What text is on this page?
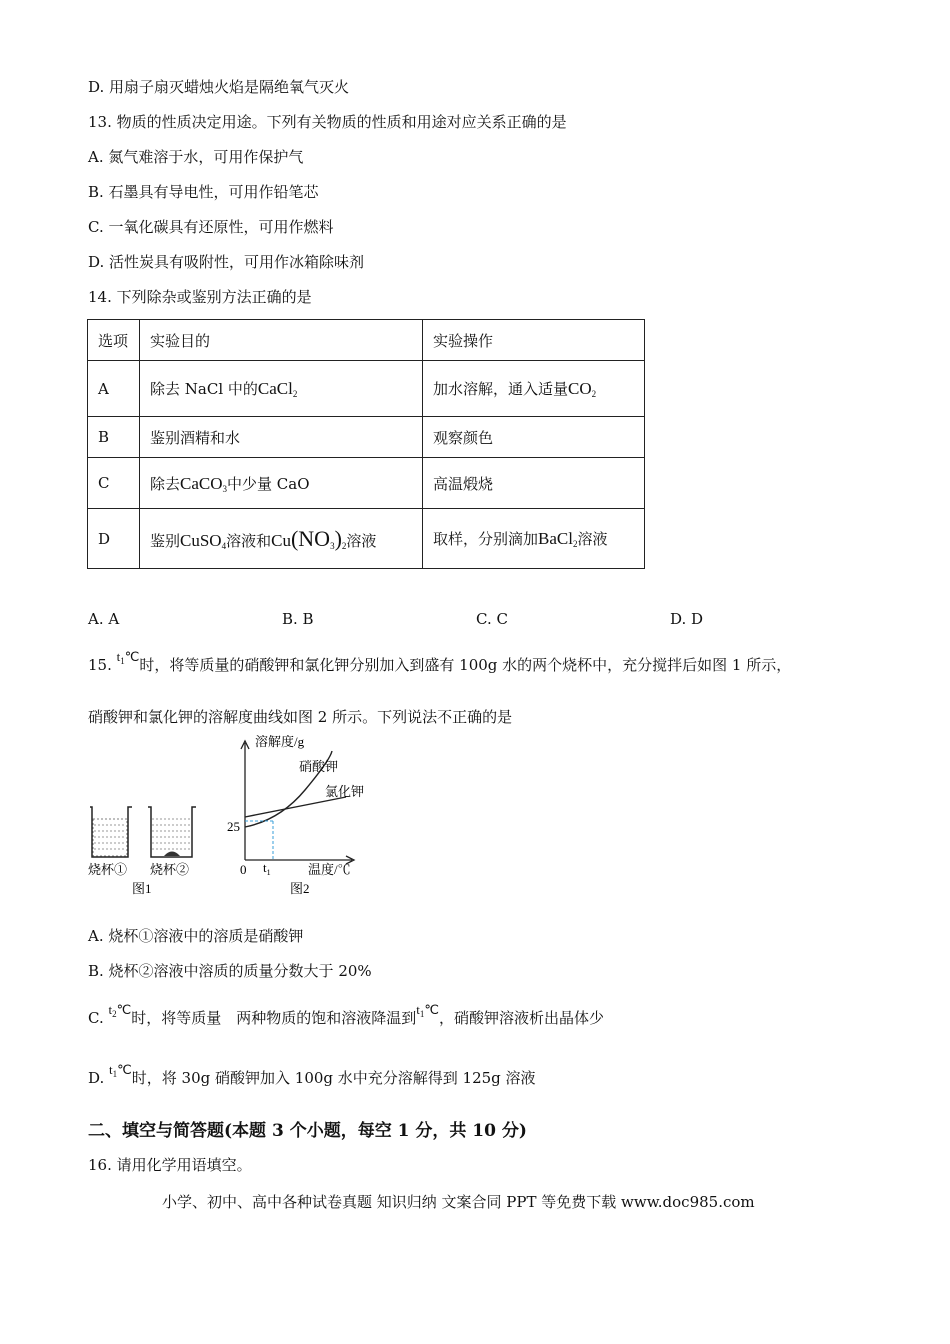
D. 用扇子扇灭蜡烛火焰是隔绝氧气灭火
13. 物质的性质决定用途。下列有关物质的性质和用途对应关系正确的是
A. 氮气难溶于水，可用作保护气
B. 石墨具有导电性，可用作铅笔芯
C. 一氧化碳具有还原性，可用作燃料
D. 活性炭具有吸附性，可用作冰箱除味剂
14. 下列除杂或鉴别方法正确的是
选项	实验目的	实验操作
A	除去 NaCl 中的CaCl$_2$	加水溶解，通入适量$CO_2$
B	鉴别酒精和水	观察颜色
C	除去CaCO$_3$中少量 CaO	高温煅烧
D	鉴别CuSO$_4$溶液和$Cu(NO_3)_2$溶液	取样，分别滴加BaCl$_2$溶液
A. A	B. B	C. C	D. D
15. $t_1℃$时，将等质量的硝酸钾和氯化钾分别加入到盛有 100g 水的两个烧杯中，充分搅拌后如图 1 所示，
硝酸钾和氯化钾的溶解度曲线如图 2 所示。下列说法不正确的是
烧杯① 烧杯②
图1
溶解度/g
硝酸钾
氯化钾
25
0 $t_1$	温度/℃
图2
A. 烧杯①溶液中的溶质是硝酸钾
B. 烧杯②溶液中溶质的质量分数大于 20%
C. $t_2℃$时，将等质量　两种物质的饱和溶液降温到$t_1℃$，硝酸钾溶液析出晶体少
D. $t_1℃$时，将 30g 硝酸钾加入 100g 水中充分溶解得到 125g 溶液
二、填空与简答题(本题 3 个小题，每空 1 分，共 10 分)
16. 请用化学用语填空。
小学、初中、高中各种试卷真题 知识归纳 文案合同 PPT 等免费下载 www.doc985.com
